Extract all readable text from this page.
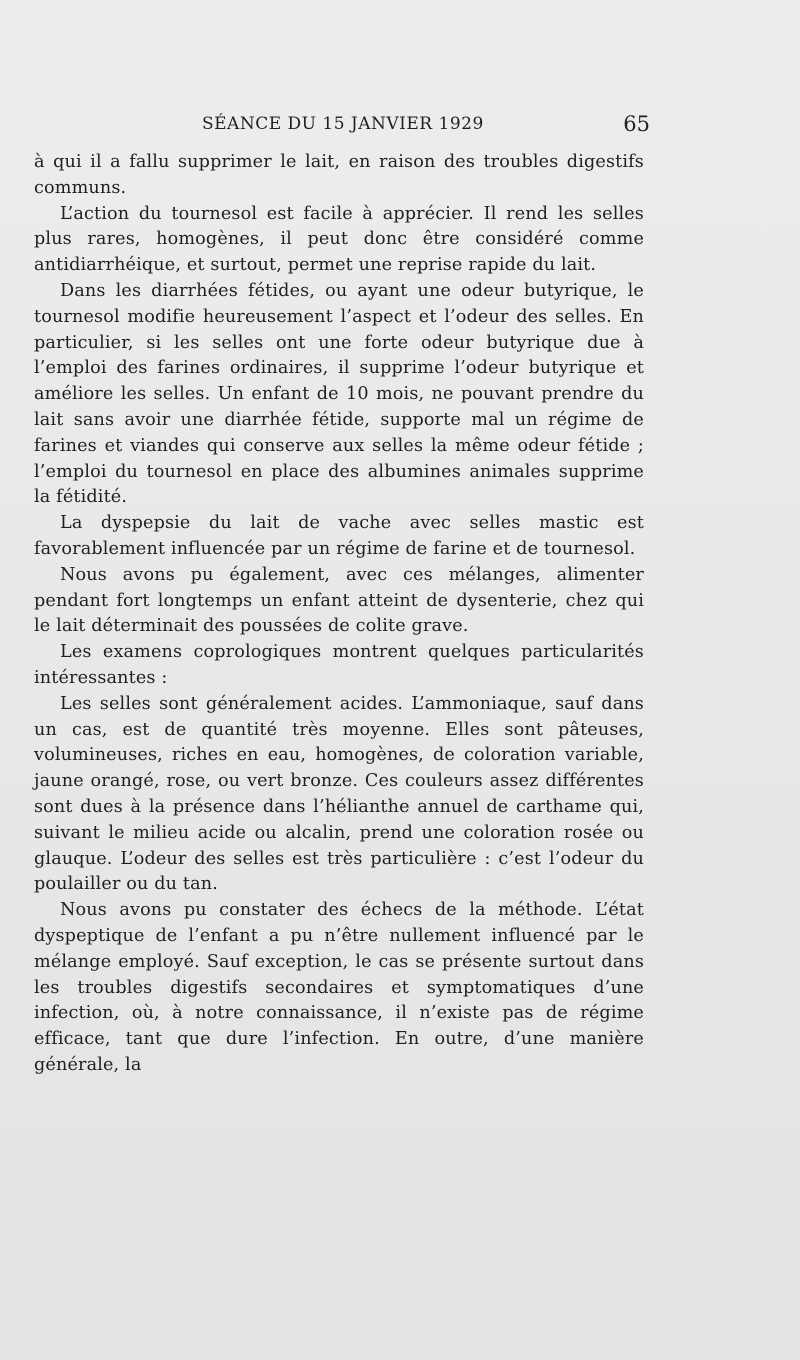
SÉANCE DU 15 JANVIER 1929	65

à qui il a fallu supprimer le lait, en raison des troubles digestifs communs.

L’action du tournesol est facile à apprécier. Il rend les selles plus rares, homogènes, il peut donc être considéré comme antidiarrhéique, et surtout, permet une reprise rapide du lait.

Dans les diarrhées fétides, ou ayant une odeur butyrique, le tournesol modifie heureusement l’aspect et l’odeur des selles. En particulier, si les selles ont une forte odeur butyrique due à l’emploi des farines ordinaires, il supprime l’odeur butyrique et améliore les selles. Un enfant de 10 mois, ne pouvant prendre du lait sans avoir une diarrhée fétide, supporte mal un régime de farines et viandes qui conserve aux selles la même odeur fétide ; l’emploi du tournesol en place des albumines animales supprime la fétidité.

La dyspepsie du lait de vache avec selles mastic est favorablement influencée par un régime de farine et de tournesol.

Nous avons pu également, avec ces mélanges, alimenter pendant fort longtemps un enfant atteint de dysenterie, chez qui le lait déterminait des poussées de colite grave.

Les examens coprologiques montrent quelques particularités intéressantes :

Les selles sont généralement acides. L’ammoniaque, sauf dans un cas, est de quantité très moyenne. Elles sont pâteuses, volumineuses, riches en eau, homogènes, de coloration variable, jaune orangé, rose, ou vert bronze. Ces couleurs assez différentes sont dues à la présence dans l’hélianthe annuel de carthame qui, suivant le milieu acide ou alcalin, prend une coloration rosée ou glauque. L’odeur des selles est très particulière : c’est l’odeur du poulailler ou du tan.

Nous avons pu constater des échecs de la méthode. L’état dyspeptique de l’enfant a pu n’être nullement influencé par le mélange employé. Sauf exception, le cas se présente surtout dans les troubles digestifs secondaires et symptomatiques d’une infection, où, à notre connaissance, il n’existe pas de régime efficace, tant que dure l’infection. En outre, d’une manière générale, la
